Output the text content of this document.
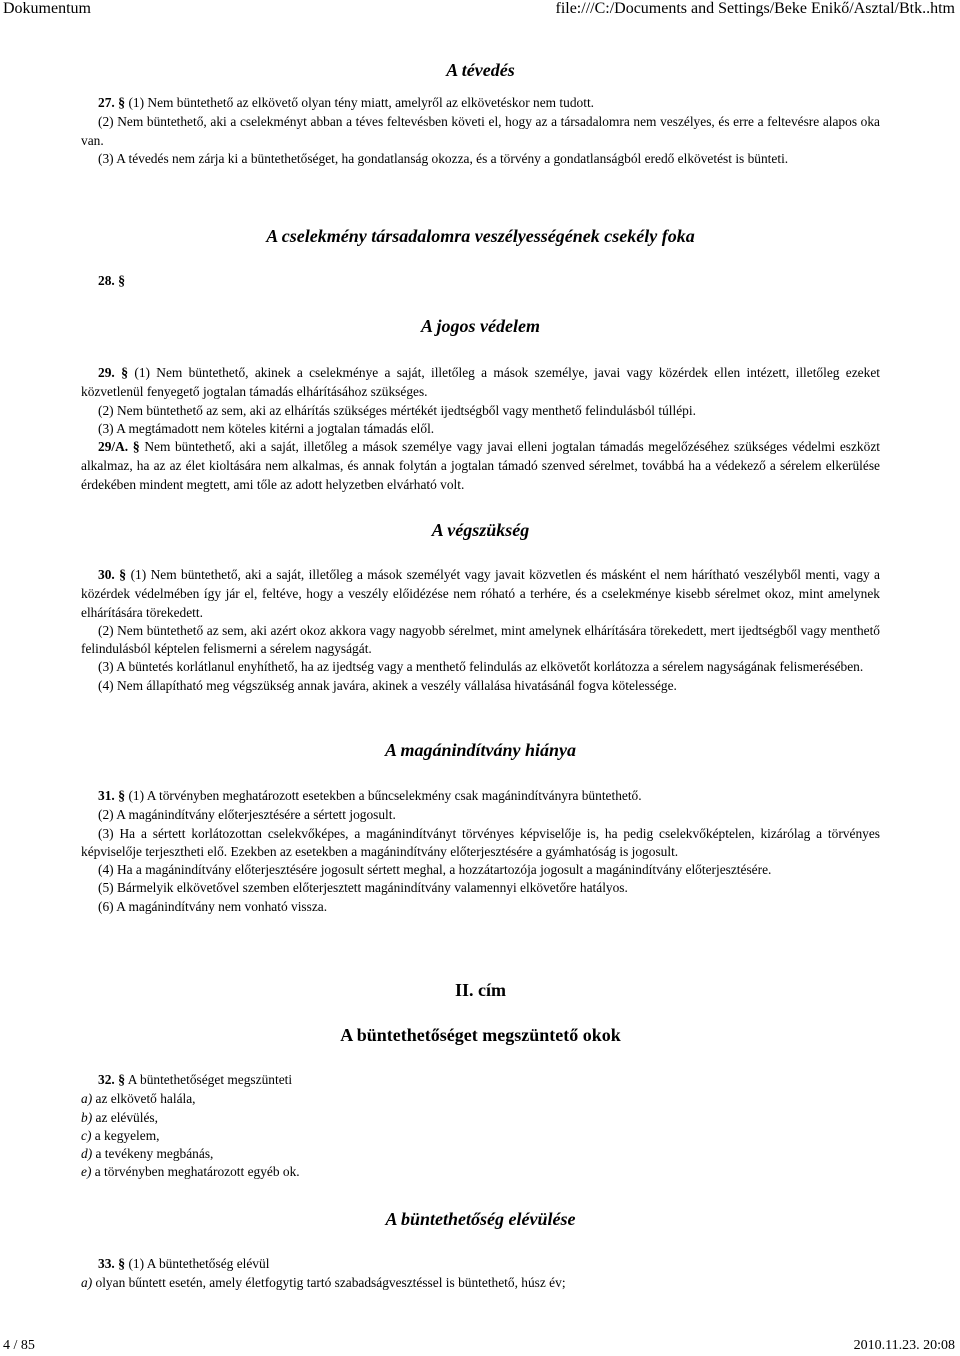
Dokumentum	file:///C:/Documents and Settings/Beke Enikő/Asztal/Btk..htm
A tévedés

27. § (1) Nem büntethető az elkövető olyan tény miatt, amelyről az elkövetéskor nem tudott.

(2) Nem büntethető, aki a cselekményt abban a téves feltevésben követi el, hogy az a társadalomra nem veszélyes, és erre a feltevésre alapos oka van.

(3) A tévedés nem zárja ki a büntethetőséget, ha gondatlanság okozza, és a törvény a gondatlanságból eredő elkövetést is bünteti.

A cselekmény társadalomra veszélyességének csekély foka

28. §

A jogos védelem

29. § (1) Nem büntethető, akinek a cselekménye a saját, illetőleg a mások személye, javai vagy közérdek ellen intézett, illetőleg ezeket közvetlenül fenyegető jogtalan támadás elhárításához szükséges.

(2) Nem büntethető az sem, aki az elhárítás szükséges mértékét ijedtségből vagy menthető felindulásból túllépi.

(3) A megtámadott nem köteles kitérni a jogtalan támadás elől.

29/A. § Nem büntethető, aki a saját, illetőleg a mások személye vagy javai elleni jogtalan támadás megelőzéséhez szükséges védelmi eszközt alkalmaz, ha az az élet kioltására nem alkalmas, és annak folytán a jogtalan támadó szenved sérelmet, továbbá ha a védekező a sérelem elkerülése érdekében mindent megtett, ami tőle az adott helyzetben elvárható volt.

A végszükség

30. § (1) Nem büntethető, aki a saját, illetőleg a mások személyét vagy javait közvetlen és másként el nem hárítható veszélyből menti, vagy a közérdek védelmében így jár el, feltéve, hogy a veszély előidézése nem róható a terhére, és a cselekménye kisebb sérelmet okoz, mint amelynek elhárítására törekedett.

(2) Nem büntethető az sem, aki azért okoz akkora vagy nagyobb sérelmet, mint amelynek elhárítására törekedett, mert ijedtségből vagy menthető felindulásból képtelen felismerni a sérelem nagyságát.

(3) A büntetés korlátlanul enyhíthető, ha az ijedtség vagy a menthető felindulás az elkövetőt korlátozza a sérelem nagyságának felismerésében.

(4) Nem állapítható meg végszükség annak javára, akinek a veszély vállalása hivatásánál fogva kötelessége.

A magánindítvány hiánya

31. § (1) A törvényben meghatározott esetekben a bűncselekmény csak magánindítványra büntethető.

(2) A magánindítvány előterjesztésére a sértett jogosult.

(3) Ha a sértett korlátozottan cselekvőképes, a magánindítványt törvényes képviselője is, ha pedig cselekvőképtelen, kizárólag a törvényes képviselője terjesztheti elő. Ezekben az esetekben a magánindítvány előterjesztésére a gyámhatóság is jogosult.

(4) Ha a magánindítvány előterjesztésére jogosult sértett meghal, a hozzátartozója jogosult a magánindítvány előterjesztésére.

(5) Bármelyik elkövetővel szemben előterjesztett magánindítvány valamennyi elkövetőre hatályos.

(6) A magánindítvány nem vonható vissza.

II. cím
A büntethetőséget megszüntető okok

32. § A büntethetőséget megszünteti

a) az elkövető halála,

b) az elévülés,

c) a kegyelem,

d) a tevékeny megbánás,

e) a törvényben meghatározott egyéb ok.

A büntethetőség elévülése

33. § (1) A büntethetőség elévül

a) olyan bűntett esetén, amely életfogytig tartó szabadságvesztéssel is büntethető, húsz év;

4 / 85	2010.11.23. 20:08
